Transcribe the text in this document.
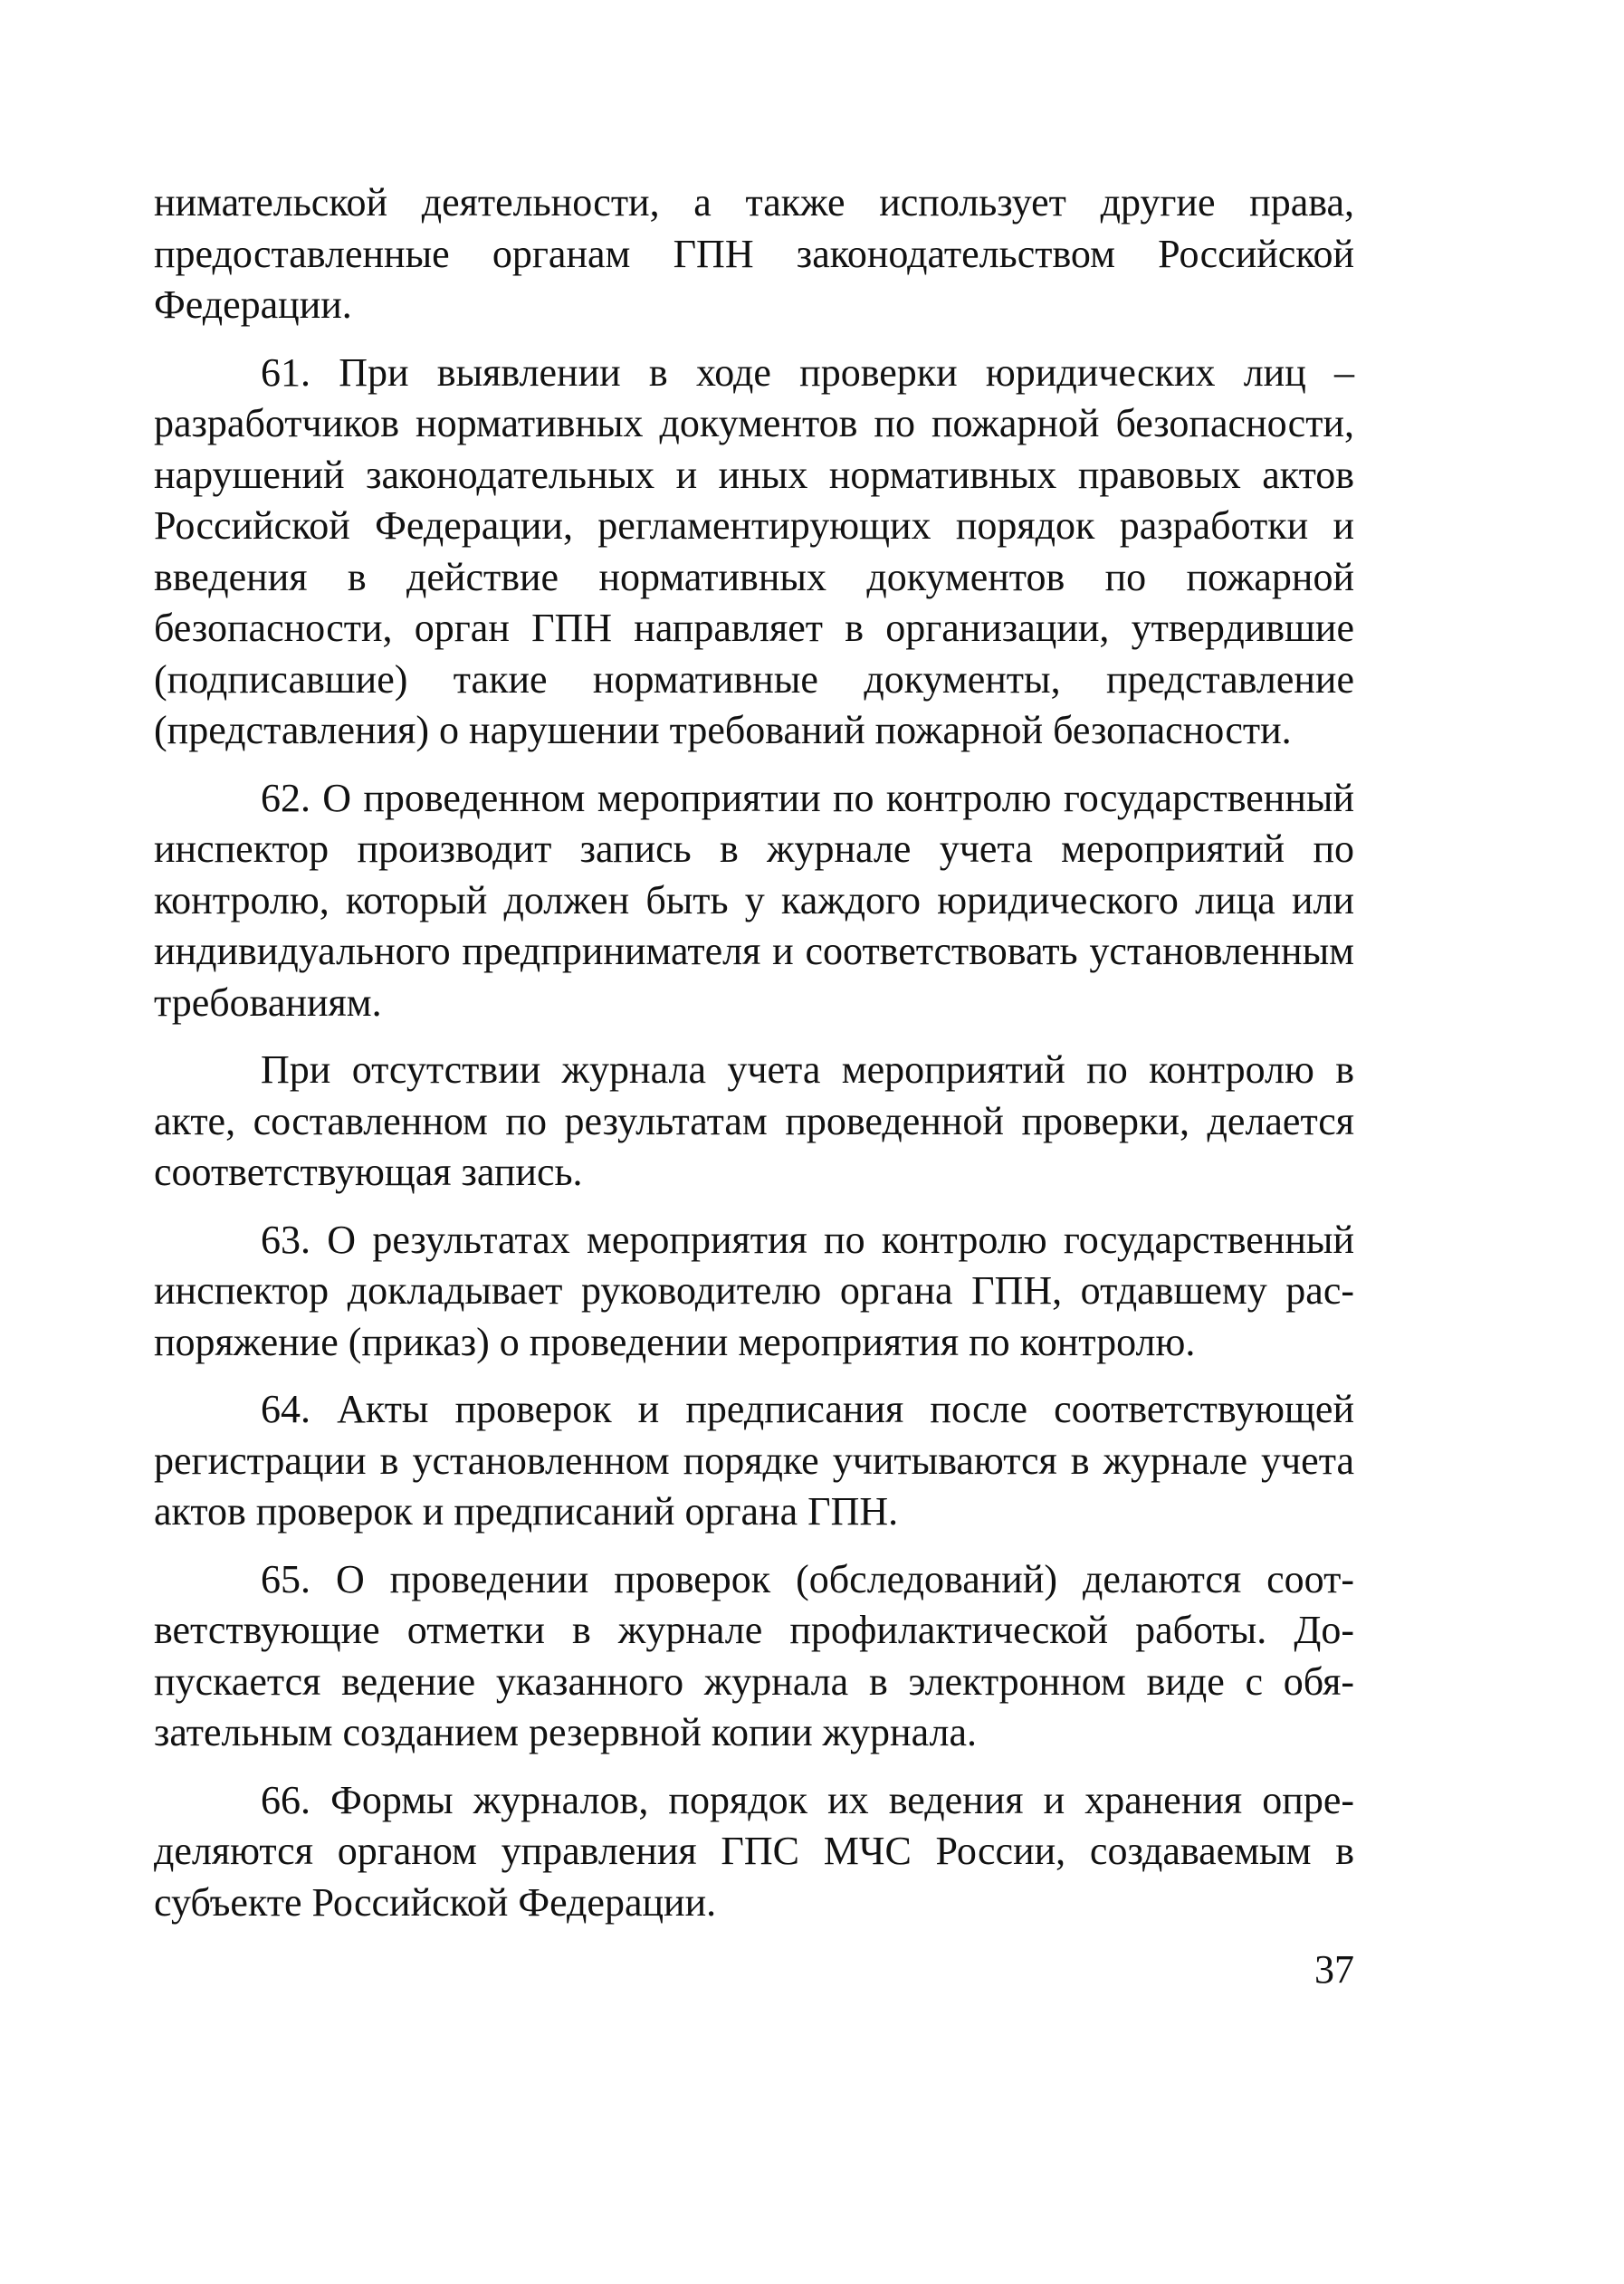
нимательской деятельности, а также использует другие права, предоставленные органам ГПН законодательством Российской Федерации.

61. При выявлении в ходе проверки юридических лиц – разработчиков нормативных документов по пожарной безопасности, нарушений законодательных и иных нормативных правовых актов Российской Федерации, регламентирующих порядок разработки и введения в действие нормативных документов по пожарной безопасности, орган ГПН направляет в организации, утвердившие (подписавшие) такие нормативные документы, представление (представления) о нарушении требований пожарной безопасности.

62. О проведенном мероприятии по контролю государственный инспектор производит запись в журнале учета мероприятий по контролю, который должен быть у каждого юридического лица или индивидуального предпринимателя и соответствовать установленным требованиям.

При отсутствии журнала учета мероприятий по контролю в акте, составленном по результатам проведенной проверки, делается соответствующая запись.

63. О результатах мероприятия по контролю государственный инспектор докладывает руководителю органа ГПН, отдавшему распоряжение (приказ) о проведении мероприятия по контролю.

64. Акты проверок и предписания после соответствующей регистрации в установленном порядке учитываются в журнале учета актов проверок и предписаний органа ГПН.

65. О проведении проверок (обследований) делаются соответствующие отметки в журнале профилактической работы. Допускается ведение указанного журнала в электронном виде с обязательным созданием резервной копии журнала.

66. Формы журналов, порядок их ведения и хранения определяются органом управления ГПС МЧС России, создаваемым в субъекте Российской Федерации.

37
